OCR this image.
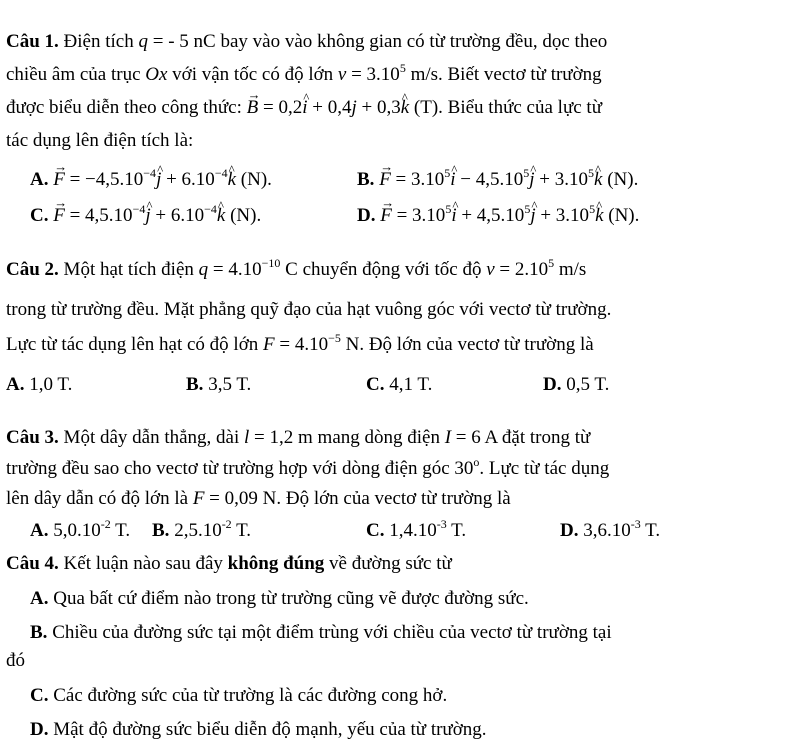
Câu 1. Điện tích q = - 5 nC bay vào vào không gian có từ trường đều, dọc theo
chiều âm của trục Ox với vận tốc có độ lớn $v = 3.10^5$ m/s. Biết vectơ từ trường
được biểu diễn theo công thức: → B = 0,2^ i + 0,4j + 0,3^ k (T). Biểu thức của lực từ
tác dụng lên điện tích là:
A. → $F = -4,5.10^{-4}\^{}$ $j + 6.10^{-4}\^{}$ k (N).	B. → $F = 3.10^5\^{}$ $i - 4,5.10^5\^{}$ $j + 3.10^5\^{}$ k (N).
C. → $F = 4,5.10^{-4}\^{}$ $j + 6.10^{-4}\^{}$ k (N).	D. → $F = 3.10^5\^{}$ $i + 4,5.10^5\^{}$ $j + 3.10^5\^{}$ k (N).
Câu 2. Một hạt tích điện $q = 4.10^{-10}$ C chuyển động với tốc độ $v = 2.10^5$ m/s
trong từ trường đều. Mặt phẳng quỹ đạo của hạt vuông góc với vectơ từ trường.
Lực từ tác dụng lên hạt có độ lớn $F = 4.10^{-5}$ N. Độ lớn của vectơ từ trường là
A. 1,0 T.	B. 3,5 T.	C. 4,1 T.	D. 0,5 T.
Câu 3. Một dây dẫn thẳng, dài l = 1,2 m mang dòng điện I = 6 A đặt trong từ
trường đều sao cho vectơ từ trường hợp với dòng điện góc 30$^o$. Lực từ tác dụng
lên dây dẫn có độ lớn là F = 0,09 N. Độ lớn của vectơ từ trường là
A. $5,0.10^{-2}$ T. B. $2,5.10^{-2}$ T.	C. $1,4.10^{-3}$ T.	D. $3,6.10^{-3}$ T.
Câu 4. Kết luận nào sau đây không đúng về đường sức từ
A. Qua bất cứ điểm nào trong từ trường cũng vẽ được đường sức.
B. Chiều của đường sức tại một điểm trùng với chiều của vectơ từ trường tại
đó
C. Các đường sức của từ trường là các đường cong hở.
D. Mật độ đường sức biểu diễn độ mạnh, yếu của từ trường.
